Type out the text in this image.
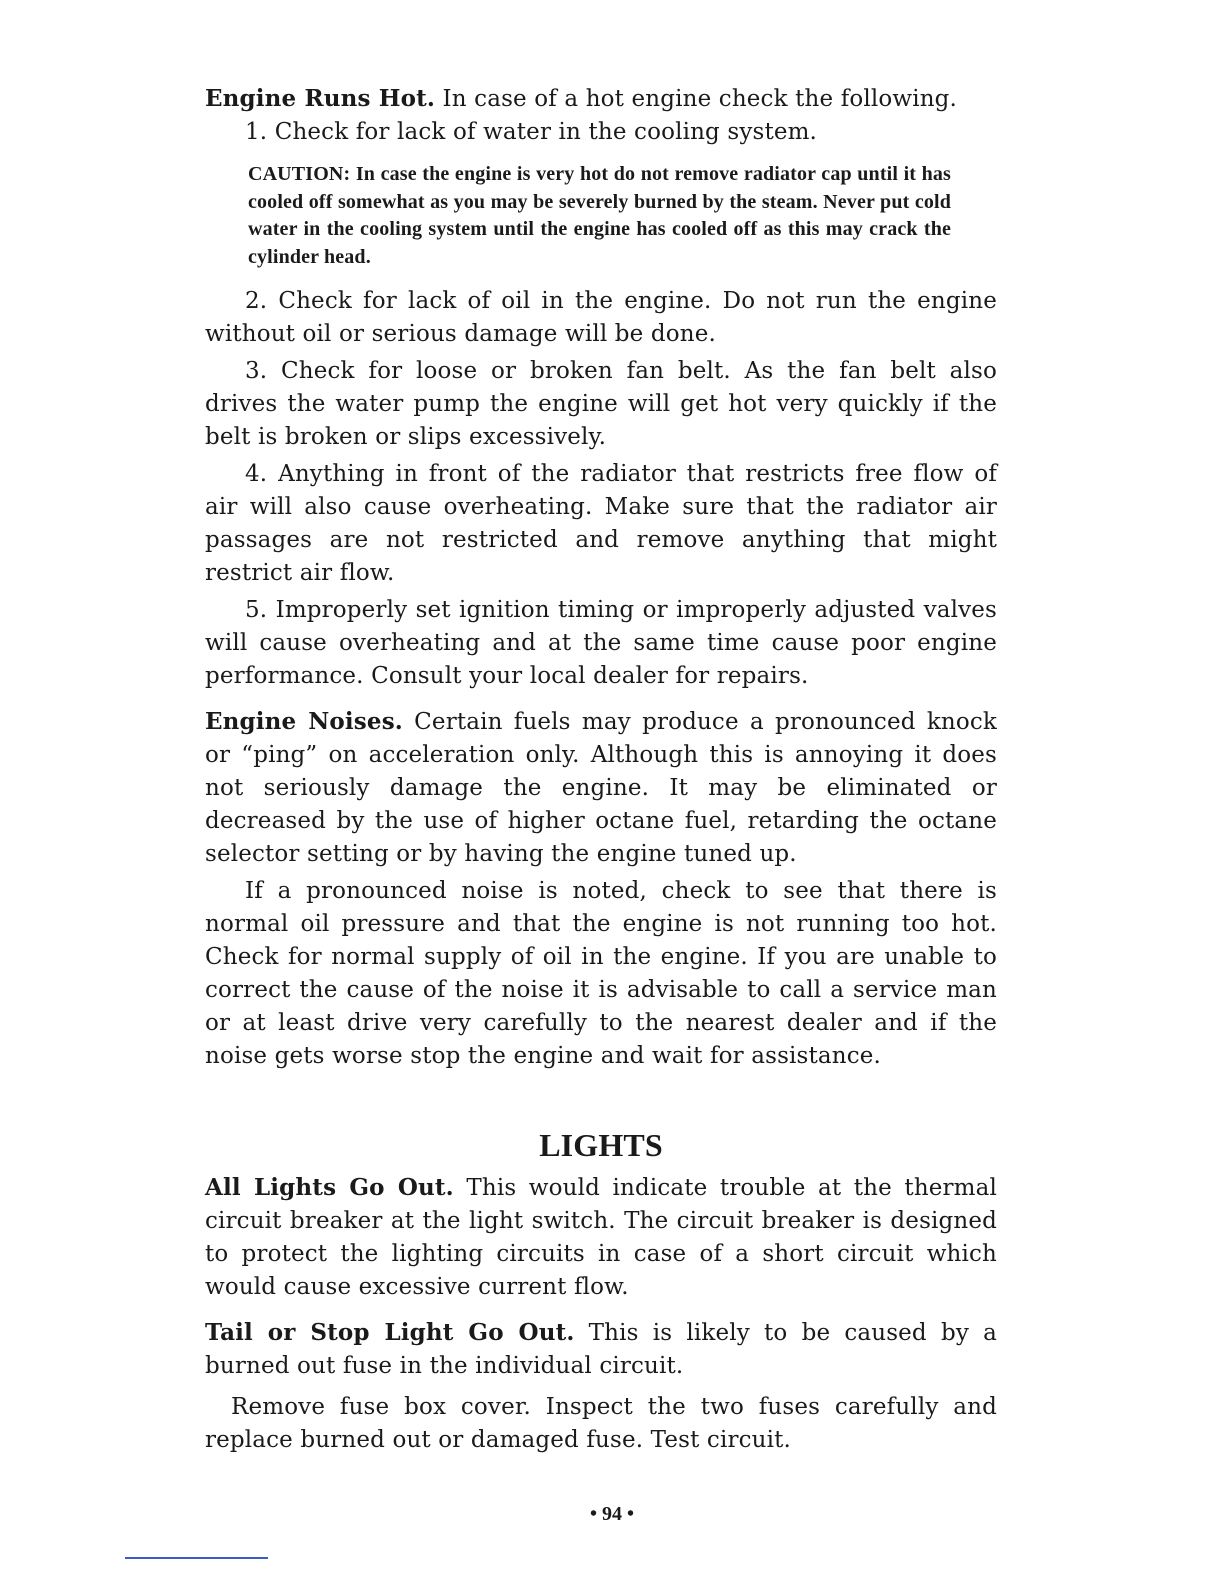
Engine Runs Hot. In case of a hot engine check the following.

1. Check for lack of water in the cooling system.

CAUTION: In case the engine is very hot do not remove radiator cap until it has cooled off somewhat as you may be severely burned by the steam. Never put cold water in the cooling system until the engine has cooled off as this may crack the cylinder head.

2. Check for lack of oil in the engine. Do not run the engine without oil or serious damage will be done.

3. Check for loose or broken fan belt. As the fan belt also drives the water pump the engine will get hot very quickly if the belt is broken or slips excessively.

4. Anything in front of the radiator that restricts free flow of air will also cause overheating. Make sure that the radiator air passages are not restricted and remove anything that might restrict air flow.

5. Improperly set ignition timing or improperly adjusted valves will cause overheating and at the same time cause poor engine performance. Consult your local dealer for repairs.

Engine Noises. Certain fuels may produce a pronounced knock or “ping” on acceleration only. Although this is annoying it does not seriously damage the engine. It may be eliminated or decreased by the use of higher octane fuel, retarding the octane selector setting or by having the engine tuned up.

If a pronounced noise is noted, check to see that there is normal oil pressure and that the engine is not running too hot. Check for normal supply of oil in the engine. If you are unable to correct the cause of the noise it is advisable to call a service man or at least drive very carefully to the nearest dealer and if the noise gets worse stop the engine and wait for assistance.

LIGHTS

All Lights Go Out. This would indicate trouble at the thermal circuit breaker at the light switch. The circuit breaker is designed to protect the lighting circuits in case of a short circuit which would cause excessive current flow.

Tail or Stop Light Go Out. This is likely to be caused by a burned out fuse in the individual circuit.

Remove fuse box cover. Inspect the two fuses carefully and replace burned out or damaged fuse. Test circuit.

• 94 •
